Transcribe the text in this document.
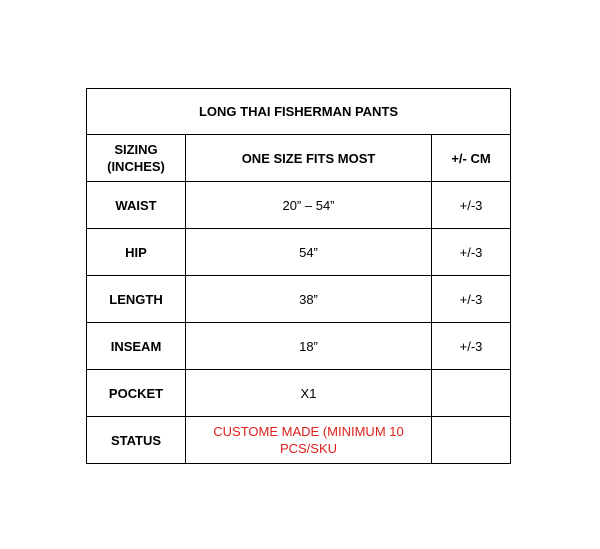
LONG THAI FISHERMAN PANTS		
SIZING (INCHES)	ONE SIZE FITS MOST	+/- CM
WAIST	20” – 54”	+/-3
HIP	54”	+/-3
LENGTH	38”	+/-3
INSEAM	18”	+/-3
POCKET	X1	
STATUS	CUSTOME MADE (MINIMUM 10 PCS/SKU	
